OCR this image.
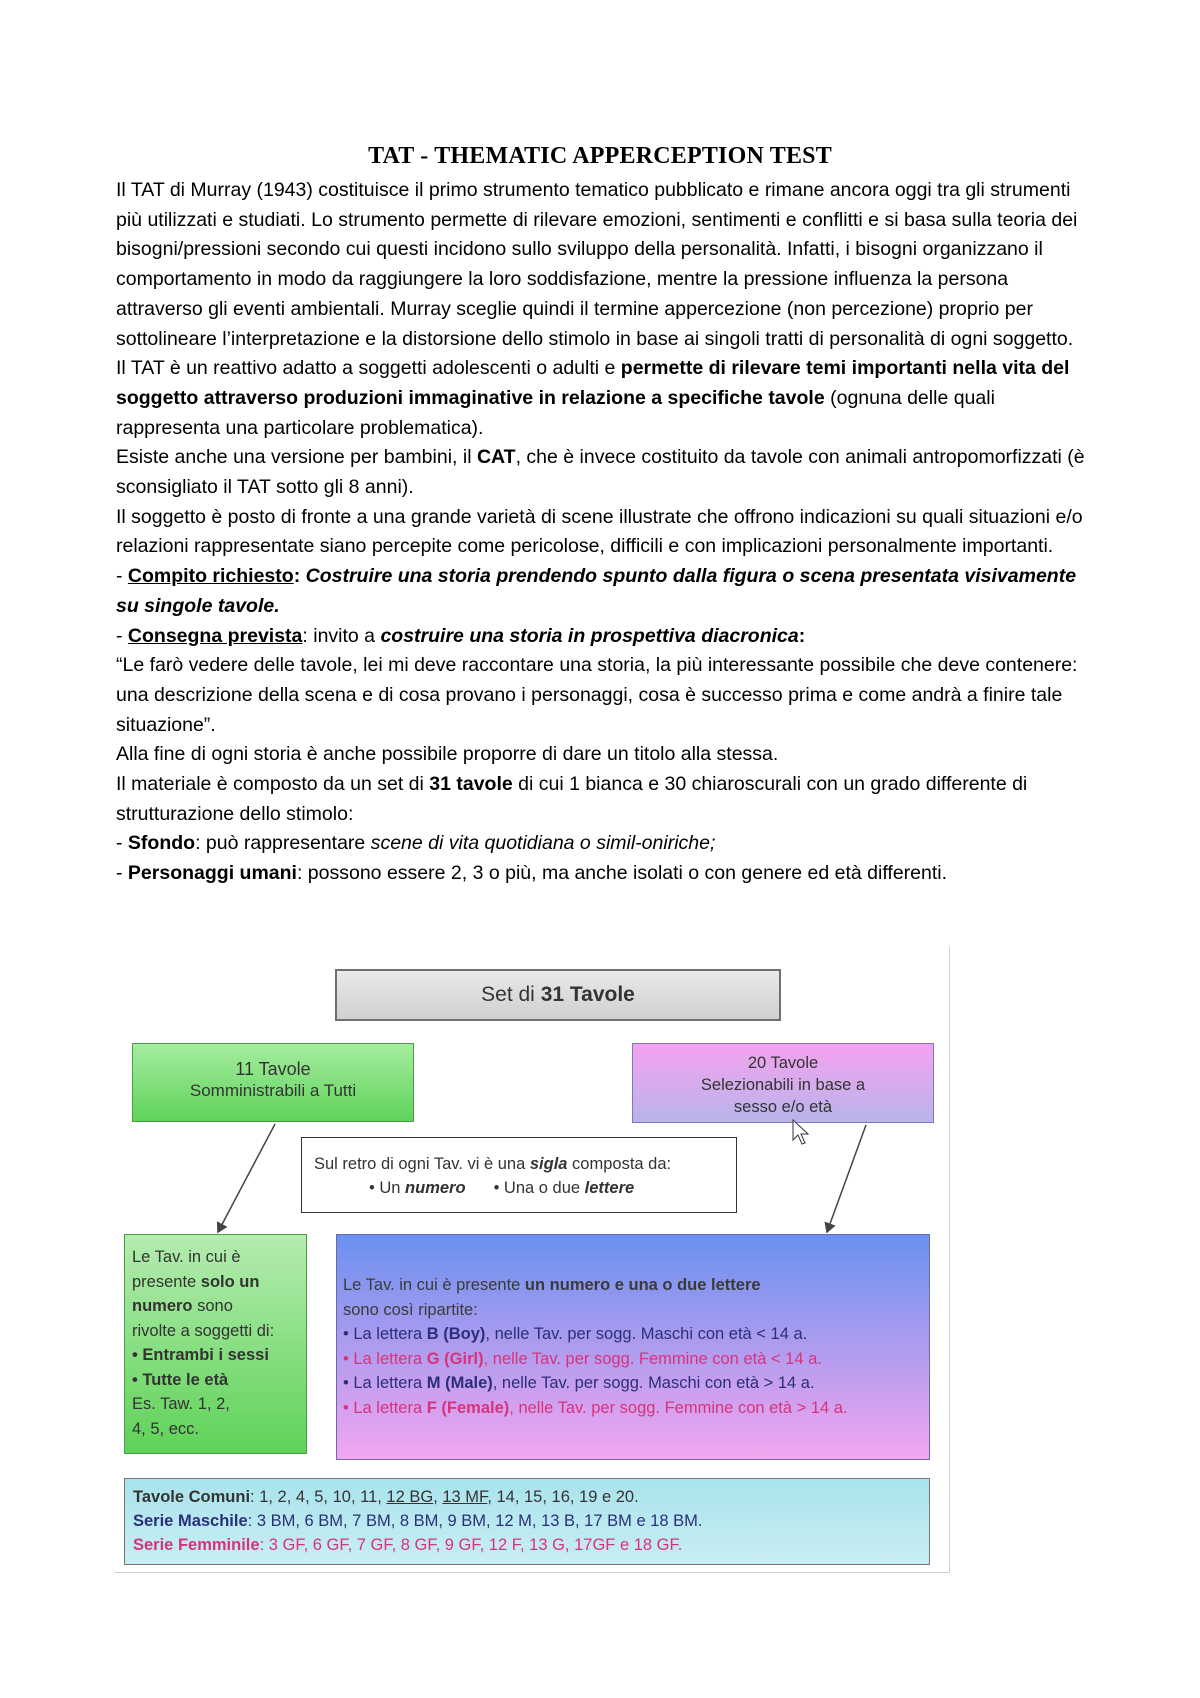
TAT - THEMATIC APPERCEPTION TEST

Il TAT di Murray (1943) costituisce il primo strumento tematico pubblicato e rimane ancora oggi tra gli strumenti più utilizzati e studiati. Lo strumento permette di rilevare emozioni, sentimenti e conflitti e si basa sulla teoria dei bisogni/pressioni secondo cui questi incidono sullo sviluppo della personalità. Infatti, i bisogni organizzano il comportamento in modo da raggiungere la loro soddisfazione, mentre la pressione influenza la persona attraverso gli eventi ambientali. Murray sceglie quindi il termine appercezione (non percezione) proprio per sottolineare l’interpretazione e la distorsione dello stimolo in base ai singoli tratti di personalità di ogni soggetto.

Il TAT è un reattivo adatto a soggetti adolescenti o adulti e permette di rilevare temi importanti nella vita del soggetto attraverso produzioni immaginative in relazione a specifiche tavole (ognuna delle quali rappresenta una particolare problematica).

Esiste anche una versione per bambini, il CAT, che è invece costituito da tavole con animali antropomorfizzati (è sconsigliato il TAT sotto gli 8 anni).

Il soggetto è posto di fronte a una grande varietà di scene illustrate che offrono indicazioni su quali situazioni e/o relazioni rappresentate siano percepite come pericolose, difficili e con implicazioni personalmente importanti.

- Compito richiesto: Costruire una storia prendendo spunto dalla figura o scena presentata visivamente su singole tavole.

- Consegna prevista: invito a costruire una storia in prospettiva diacronica:

“Le farò vedere delle tavole, lei mi deve raccontare una storia, la più interessante possibile che deve contenere: una descrizione della scena e di cosa provano i personaggi, cosa è successo prima e come andrà a finire tale situazione”.

Alla fine di ogni storia è anche possibile proporre di dare un titolo alla stessa.

Il materiale è composto da un set di 31 tavole di cui 1 bianca e 30 chiaroscurali con un grado differente di strutturazione dello stimolo:

- Sfondo: può rappresentare scene di vita quotidiana o simil-oniriche;

- Personaggi umani: possono essere 2, 3 o più, ma anche isolati o con genere ed età differenti.

Set di 31 Tavole
11 Tavole
Somministrabili a Tutti
20 Tavole
Selezionabili in base a
sesso e/o età
Sul retro di ogni Tav. vi è una sigla composta da:
• Un numero • Una o due lettere
Le Tav. in cui è
presente solo un
numero sono
rivolte a soggetti di:
• Entrambi i sessi
• Tutte le età
Es. Taw. 1, 2,
4, 5, ecc.
Le Tav. in cui è presente un numero e una o due lettere
sono così ripartite:
• La lettera B (Boy), nelle Tav. per sogg. Maschi con età < 14 a.
• La lettera G (Girl), nelle Tav. per sogg. Femmine con età < 14 a.
• La lettera M (Male), nelle Tav. per sogg. Maschi con età > 14 a.
• La lettera F (Female), nelle Tav. per sogg. Femmine con età > 14 a.
Tavole Comuni: 1, 2, 4, 5, 10, 11, 12 BG, 13 MF, 14, 15, 16, 19 e 20.
Serie Maschile: 3 BM, 6 BM, 7 BM, 8 BM, 9 BM, 12 M, 13 B, 17 BM e 18 BM.
Serie Femminile: 3 GF, 6 GF, 7 GF, 8 GF, 9 GF, 12 F, 13 G, 17GF e 18 GF.
